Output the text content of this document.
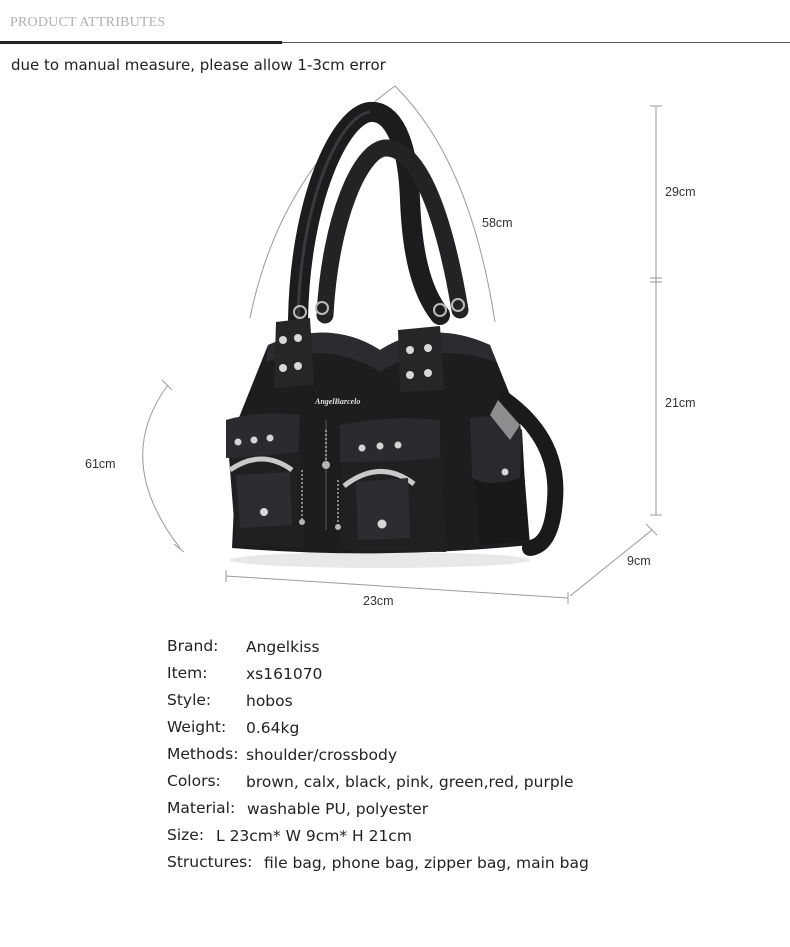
PRODUCT ATTRIBUTES
due to manual measure, please allow 1-3cm error
58cm
29cm
21cm
61cm
9cm
23cm
AngelBarcelo
Brand: Angelkiss
Item: xs161070
Style: hobos
Weight: 0.64kg
Methods: shoulder/crossbody
Colors: brown, calx, black, pink, green,red, purple
Material: washable PU, polyester
Size: L 23cm* W 9cm* H 21cm
Structures: file bag, phone bag, zipper bag, main bag
